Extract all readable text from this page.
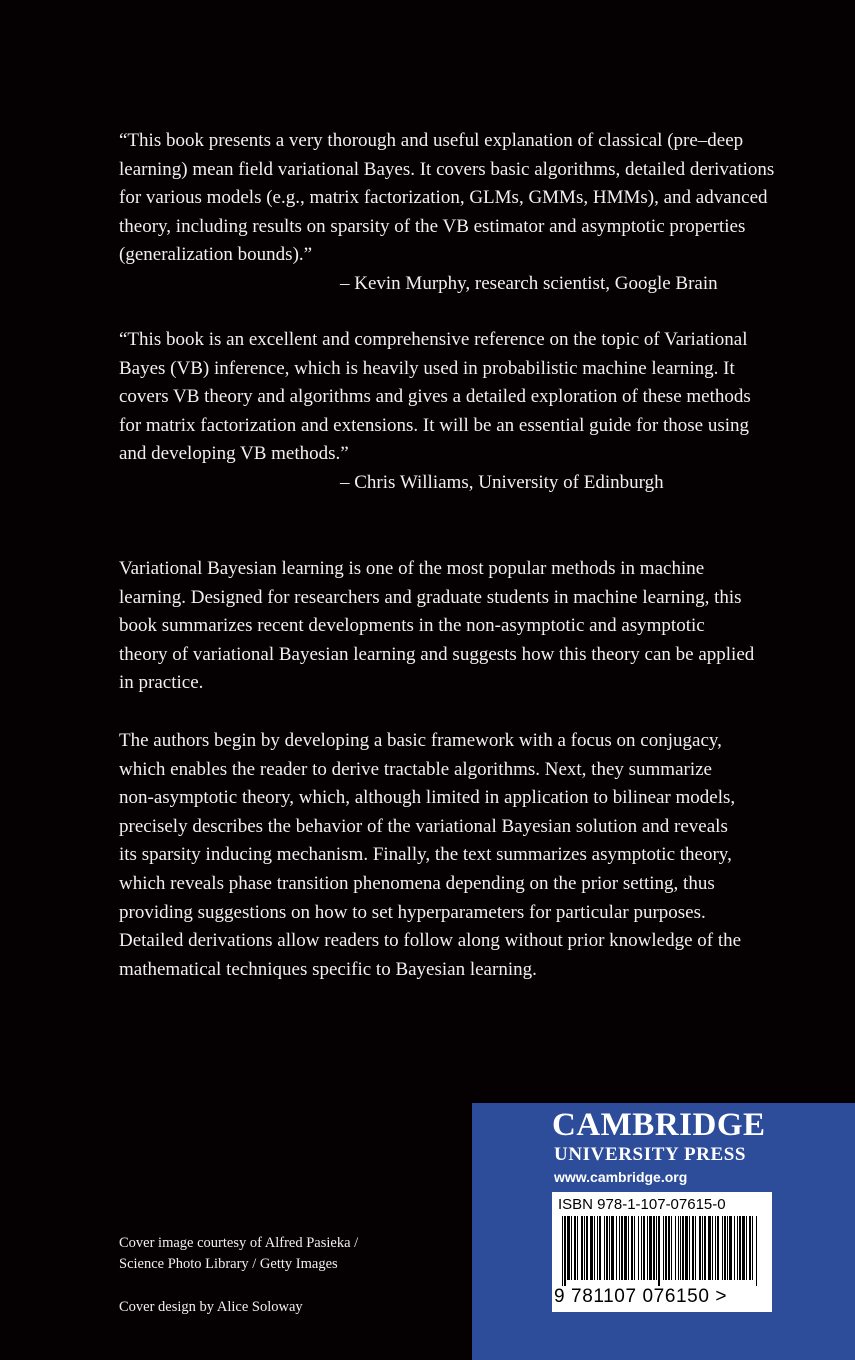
“This book presents a very thorough and useful explanation of classical (pre–deep
learning) mean field variational Bayes. It covers basic algorithms, detailed derivations
for various models (e.g., matrix factorization, GLMs, GMMs, HMMs), and advanced
theory, including results on sparsity of the VB estimator and asymptotic properties
(generalization bounds).”
– Kevin Murphy, research scientist, Google Brain
“This book is an excellent and comprehensive reference on the topic of Variational
Bayes (VB) inference, which is heavily used in probabilistic machine learning. It
covers VB theory and algorithms and gives a detailed exploration of these methods
for matrix factorization and extensions. It will be an essential guide for those using
and developing VB methods.”
– Chris Williams, University of Edinburgh
Variational Bayesian learning is one of the most popular methods in machine
learning. Designed for researchers and graduate students in machine learning, this
book summarizes recent developments in the non-asymptotic and asymptotic
theory of variational Bayesian learning and suggests how this theory can be applied
in practice.
The authors begin by developing a basic framework with a focus on conjugacy,
which enables the reader to derive tractable algorithms. Next, they summarize
non-asymptotic theory, which, although limited in application to bilinear models,
precisely describes the behavior of the variational Bayesian solution and reveals
its sparsity inducing mechanism. Finally, the text summarizes asymptotic theory,
which reveals phase transition phenomena depending on the prior setting, thus
providing suggestions on how to set hyperparameters for particular purposes.
Detailed derivations allow readers to follow along without prior knowledge of the
mathematical techniques specific to Bayesian learning.
Cover image courtesy of Alfred Pasieka /
Science Photo Library / Getty Images
Cover design by Alice Soloway
CAMBRIDGE
UNIVERSITY PRESS
www.cambridge.org
ISBN 978-1-107-07615-0
9 781107 076150 >
